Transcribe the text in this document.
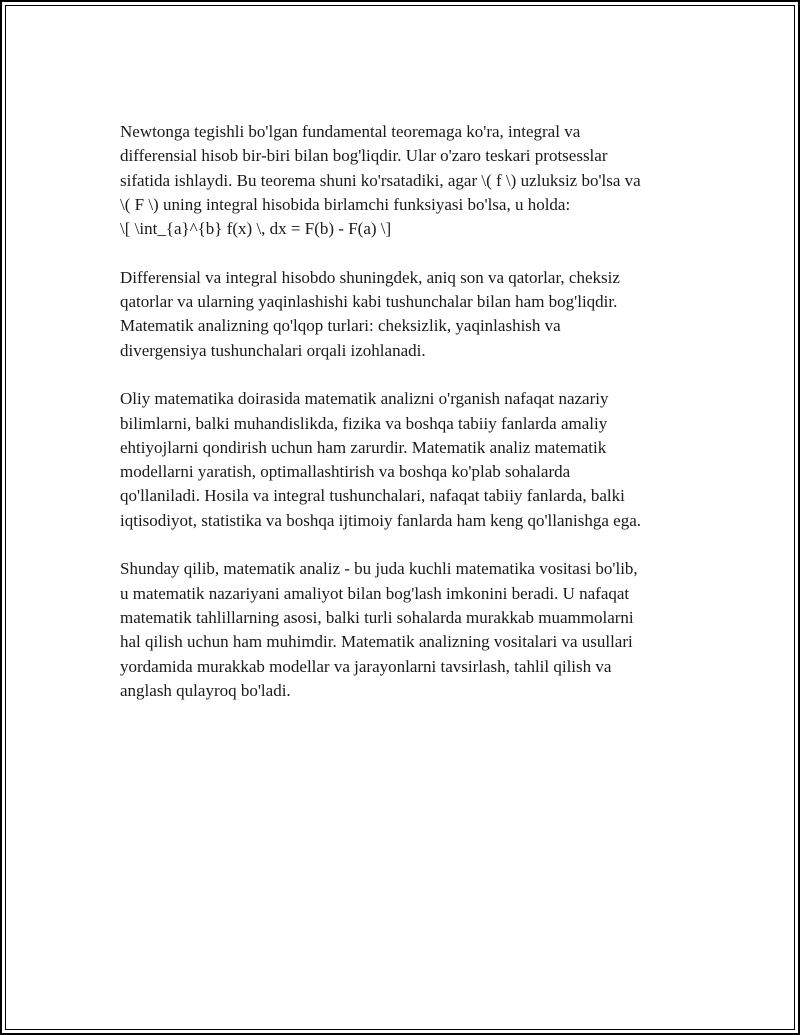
Newtonga tegishli bo'lgan fundamental teoremaga ko'ra, integral va
differensial hisob bir-biri bilan bog'liqdir. Ular o'zaro teskari protsesslar
sifatida ishlaydi. Bu teorema shuni ko'rsatadiki, agar \( f \) uzluksiz bo'lsa va
\( F \) uning integral hisobida birlamchi funksiyasi bo'lsa, u holda:
\[ \int_{a}^{b} f(x) \, dx = F(b) - F(a) \]

Differensial va integral hisobdo shuningdek, aniq son va qatorlar, cheksiz
qatorlar va ularning yaqinlashishi kabi tushunchalar bilan ham bog'liqdir.
Matematik analizning qo'lqop turlari: cheksizlik, yaqinlashish va
divergensiya tushunchalari orqali izohlanadi.

Oliy matematika doirasida matematik analizni o'rganish nafaqat nazariy
bilimlarni, balki muhandislikda, fizika va boshqa tabiiy fanlarda amaliy
ehtiyojlarni qondirish uchun ham zarurdir. Matematik analiz matematik
modellarni yaratish, optimallashtirish va boshqa ko'plab sohalarda
qo'llaniladi. Hosila va integral tushunchalari, nafaqat tabiiy fanlarda, balki
iqtisodiyot, statistika va boshqa ijtimoiy fanlarda ham keng qo'llanishga ega.

Shunday qilib, matematik analiz - bu juda kuchli matematika vositasi bo'lib,
u matematik nazariyani amaliyot bilan bog'lash imkonini beradi. U nafaqat
matematik tahlillarning asosi, balki turli sohalarda murakkab muammolarni
hal qilish uchun ham muhimdir. Matematik analizning vositalari va usullari
yordamida murakkab modellar va jarayonlarni tavsirlash, tahlil qilish va
anglash qulayroq bo'ladi.
